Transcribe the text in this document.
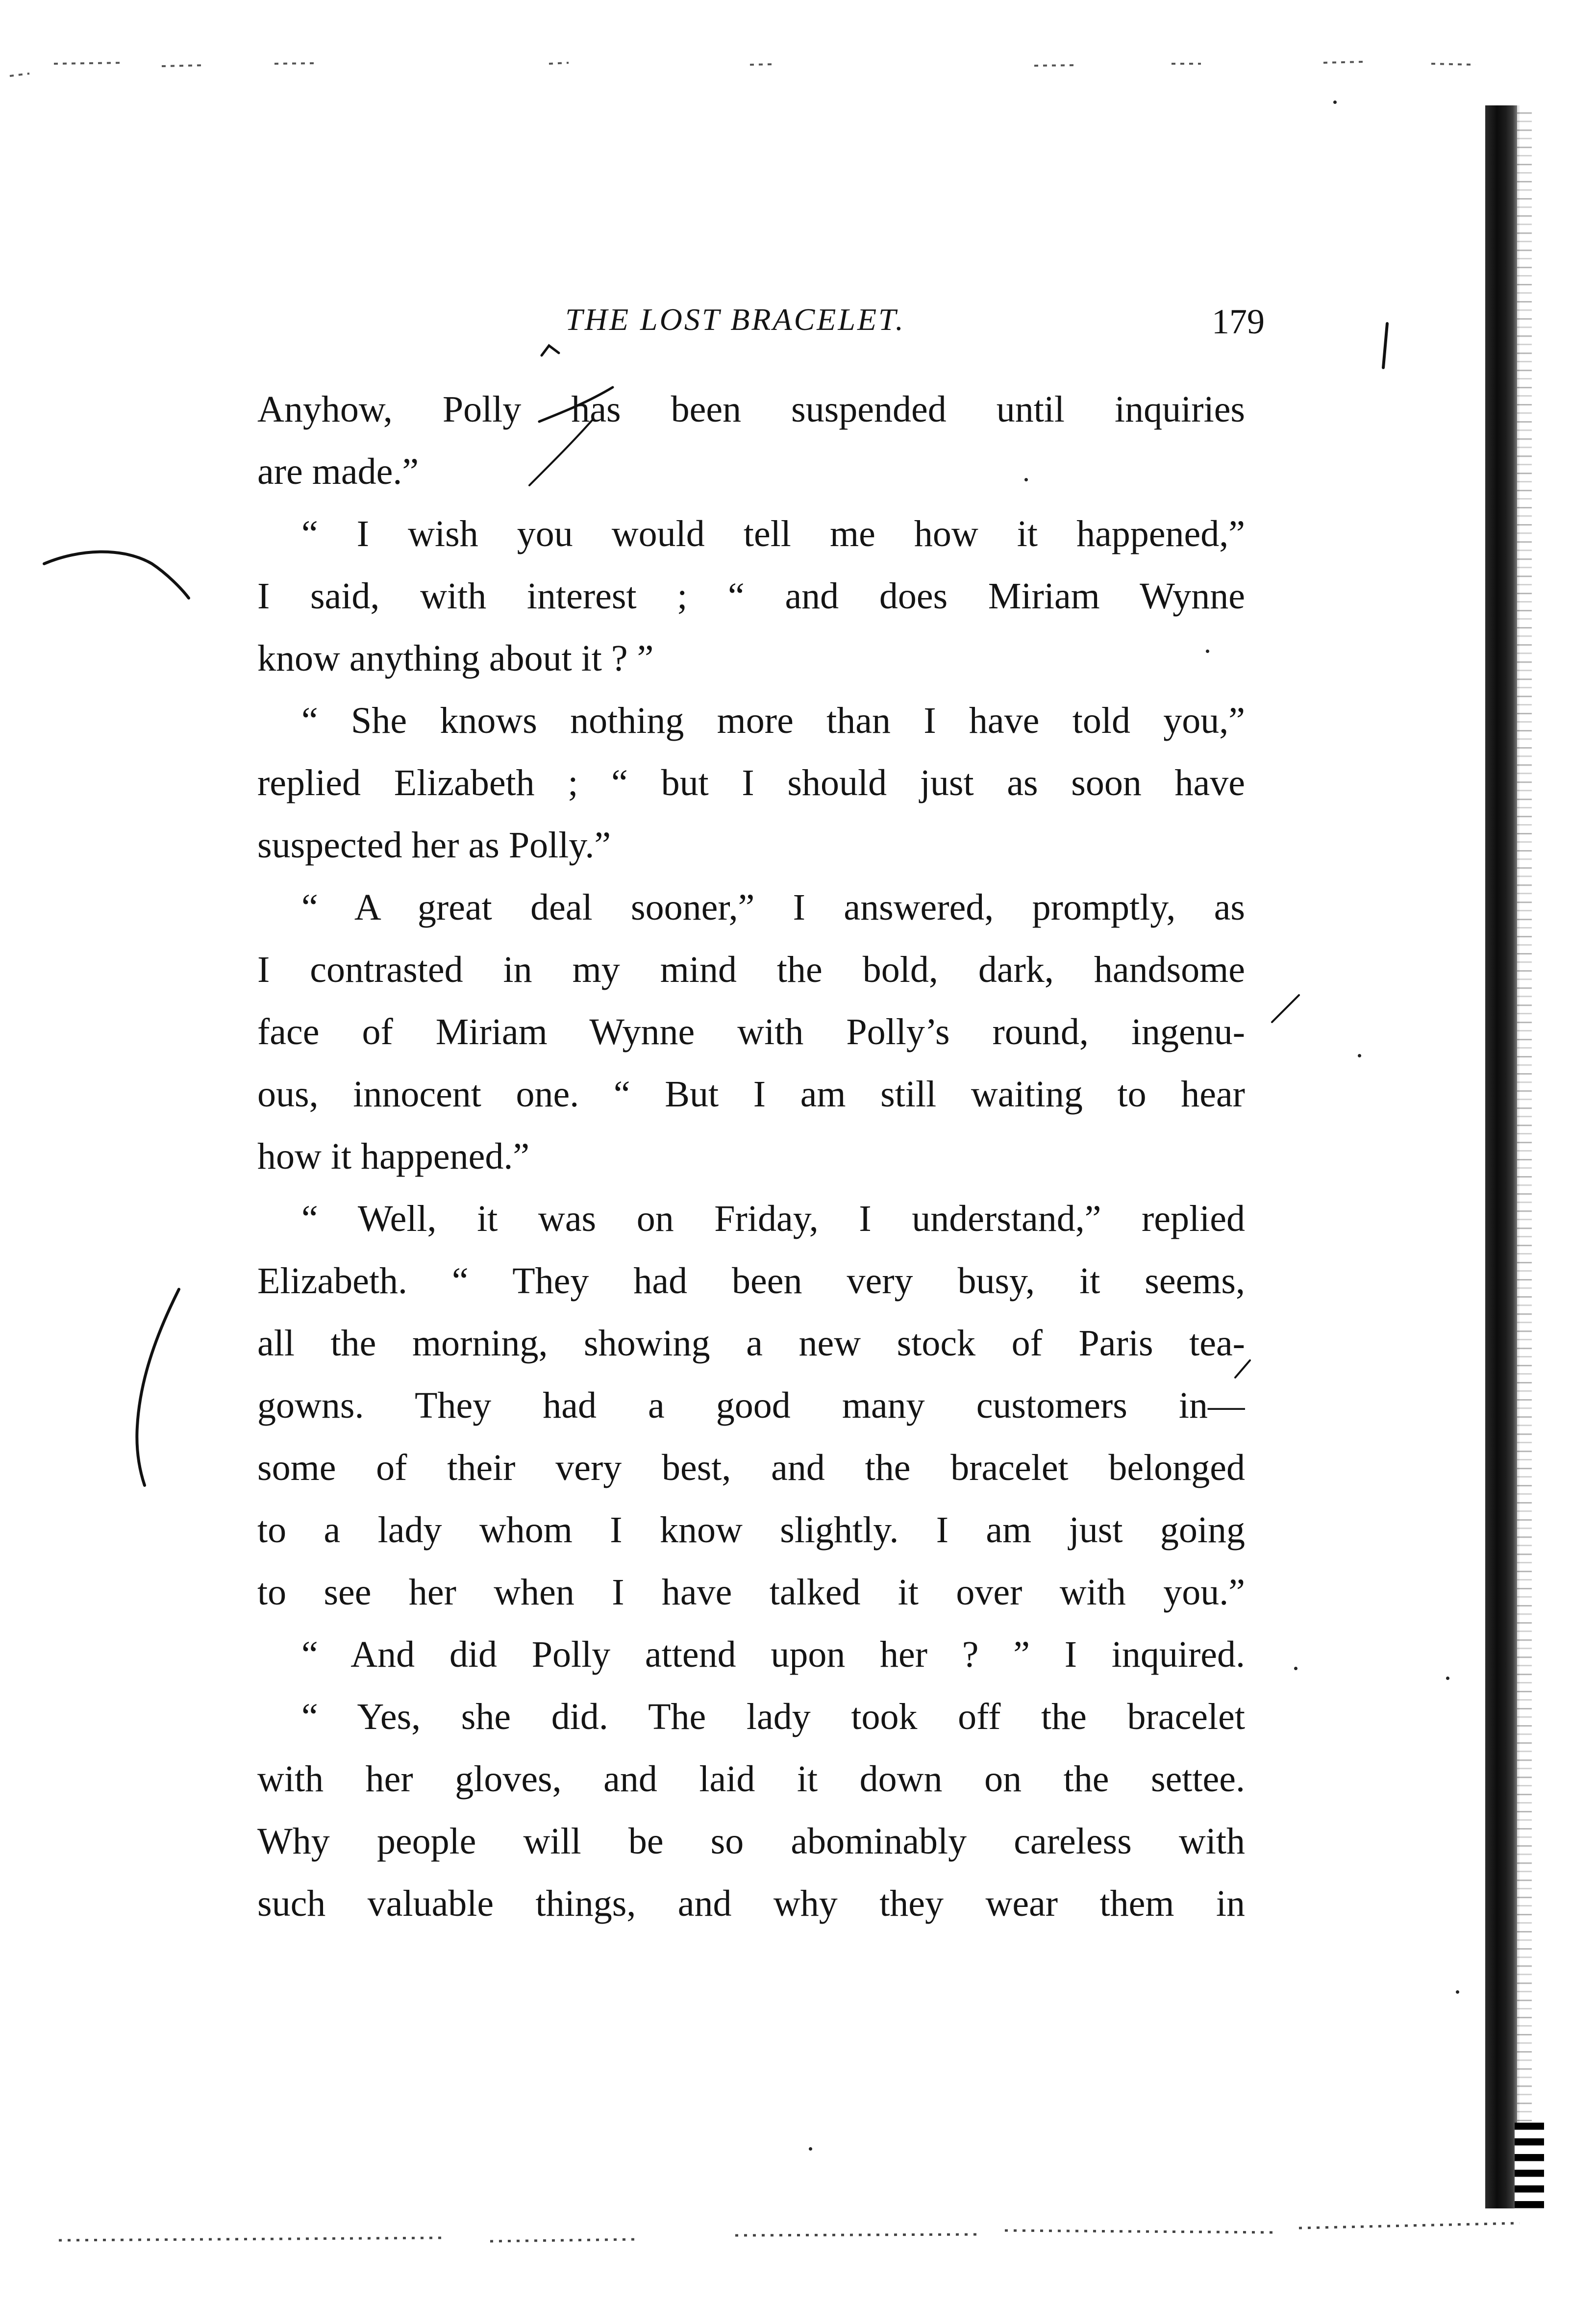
THE LOST BRACELET.	179
Anyhow, Polly has been suspended until inquiries
are made.”
“ I wish you would tell me how it happened,”
I said, with interest ; “ and does Miriam Wynne
know anything about it ? ”
“ She knows nothing more than I have told you,”
replied Elizabeth ; “ but I should just as soon have
suspected her as Polly.”
“ A great deal sooner,” I answered, promptly, as
I contrasted in my mind the bold, dark, handsome
face of Miriam Wynne with Polly’s round, ingenu-
ous, innocent one. “ But I am still waiting to hear
how it happened.”
“ Well, it was on Friday, I understand,” replied
Elizabeth. “ They had been very busy, it seems,
all the morning, showing a new stock of Paris tea-
gowns. They had a good many customers in—
some of their very best, and the bracelet belonged
to a lady whom I know slightly. I am just going
to see her when I have talked it over with you.”
“ And did Polly attend upon her ? ” I inquired.
“ Yes, she did. The lady took off the bracelet
with her gloves, and laid it down on the settee.
Why people will be so abominably careless with
such valuable things, and why they wear them in
